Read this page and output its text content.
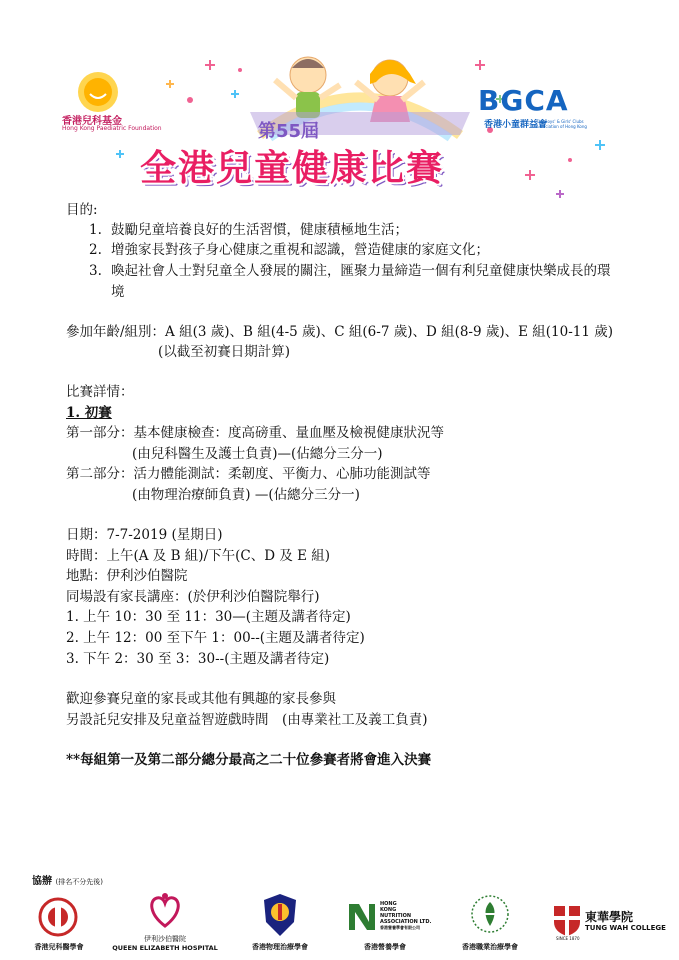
香港兒科基金
Hong Kong Paediatric Foundation
BGCA
香港小童群益會
The Boys' & Girls' Clubs Association of Hong Kong
第55屆
全港兒童健康比賽
目的:
1. 鼓勵兒童培養良好的生活習慣，健康積極地生活；
2. 增強家長對孩子身心健康之重視和認識，營造健康的家庭文化；
3. 喚起社會人士對兒童全人發展的關注，匯聚力量締造一個有利兒童健康快樂成長的環
境
參加年齡/組別：A 組(3 歲)、B 組(4-5 歲)、C 組(6-7 歲)、D 組(8-9 歲)、E 組(10-11 歲)
(以截至初賽日期計算)
比賽詳情：
1. 初賽
第一部分：基本健康檢查：度高磅重、量血壓及檢視健康狀況等
(由兒科醫生及護士負責)—(佔總分三分一)
第二部分：活力體能測試：柔韌度、平衡力、心肺功能測試等
(由物理治療師負責) —(佔總分三分一)
日期：7-7-2019 (星期日)
時間：上午(A 及 B 組)/下午(C、D 及 E 組)
地點：伊利沙伯醫院
同場設有家長講座：(於伊利沙伯醫院舉行)
1. 上午 10：30 至 11：30—(主題及講者待定)
2. 上午 12：00 至下午 1：00--(主題及講者待定)
3. 下午 2：30 至 3：30--(主題及講者待定)
歡迎參賽兒童的家長或其他有興趣的家長參與
另設託兒安排及兒童益智遊戲時間　(由專業社工及義工負責)
**每組第一及第二部分總分最高之二十位參賽者將會進入決賽
協辦 (排名不分先後)
香港兒科醫學會
伊利沙伯醫院
QUEEN ELIZABETH HOSPITAL	香港物理治療學會
HONG
KONG
NUTRITION
ASSOCIATION LTD.
香港營養學會有限公司
香港營養學會	香港職業治療學會
SINCE 1870
東華學院
TUNG WAH COLLEGE
